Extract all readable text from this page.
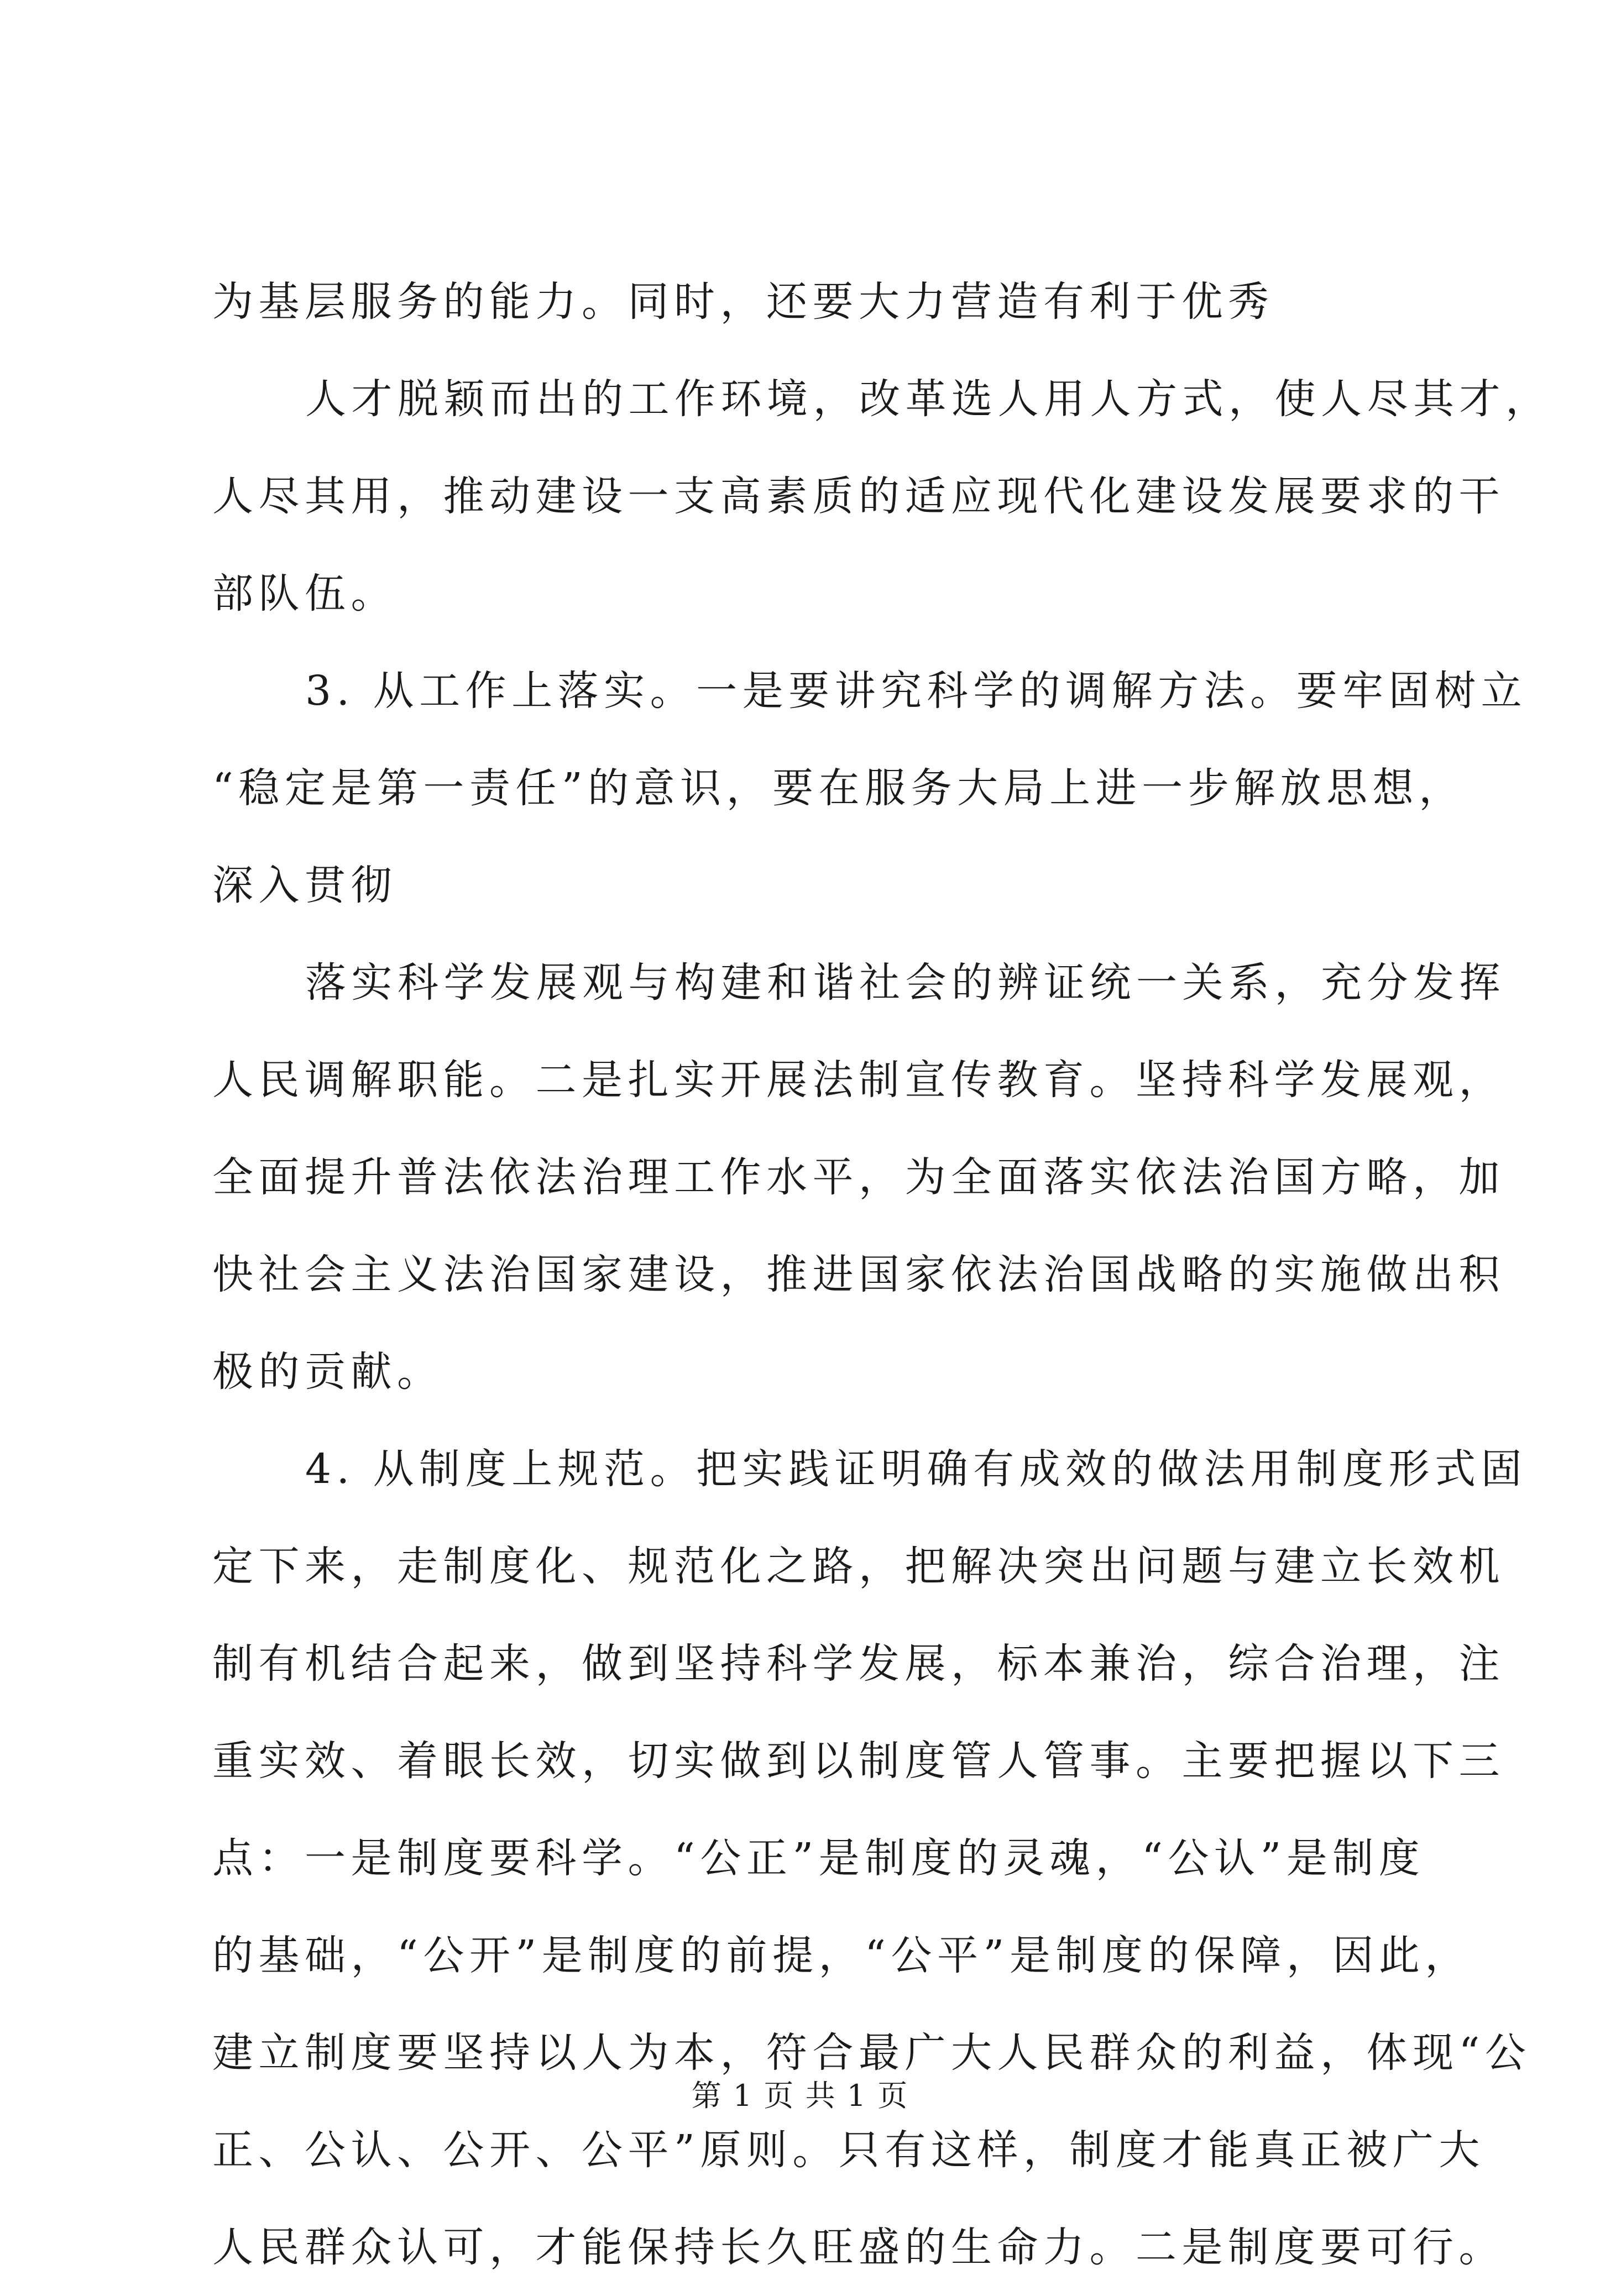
为基层服务的能力。同时，还要大力营造有利于优秀
人才脱颖而出的工作环境，改革选人用人方式，使人尽其才，
人尽其用，推动建设一支高素质的适应现代化建设发展要求的干
部队伍。
3. 从工作上落实。一是要讲究科学的调解方法。要牢固树立
“稳定是第一责任”的意识，要在服务大局上进一步解放思想，
深入贯彻
落实科学发展观与构建和谐社会的辨证统一关系，充分发挥
人民调解职能。二是扎实开展法制宣传教育。坚持科学发展观，
全面提升普法依法治理工作水平，为全面落实依法治国方略，加
快社会主义法治国家建设，推进国家依法治国战略的实施做出积
极的贡献。
4. 从制度上规范。把实践证明确有成效的做法用制度形式固
定下来，走制度化、规范化之路，把解决突出问题与建立长效机
制有机结合起来，做到坚持科学发展，标本兼治，综合治理，注
重实效、着眼长效，切实做到以制度管人管事。主要把握以下三
点：一是制度要科学。“公正”是制度的灵魂，“公认”是制度
的基础，“公开”是制度的前提，“公平”是制度的保障，因此，
建立制度要坚持以人为本，符合最广大人民群众的利益，体现“公
正、公认、公开、公平”原则。只有这样，制度才能真正被广大
人民群众认可，才能保持长久旺盛的生命力。二是制度要可行。
第 1 页 共 1 页
